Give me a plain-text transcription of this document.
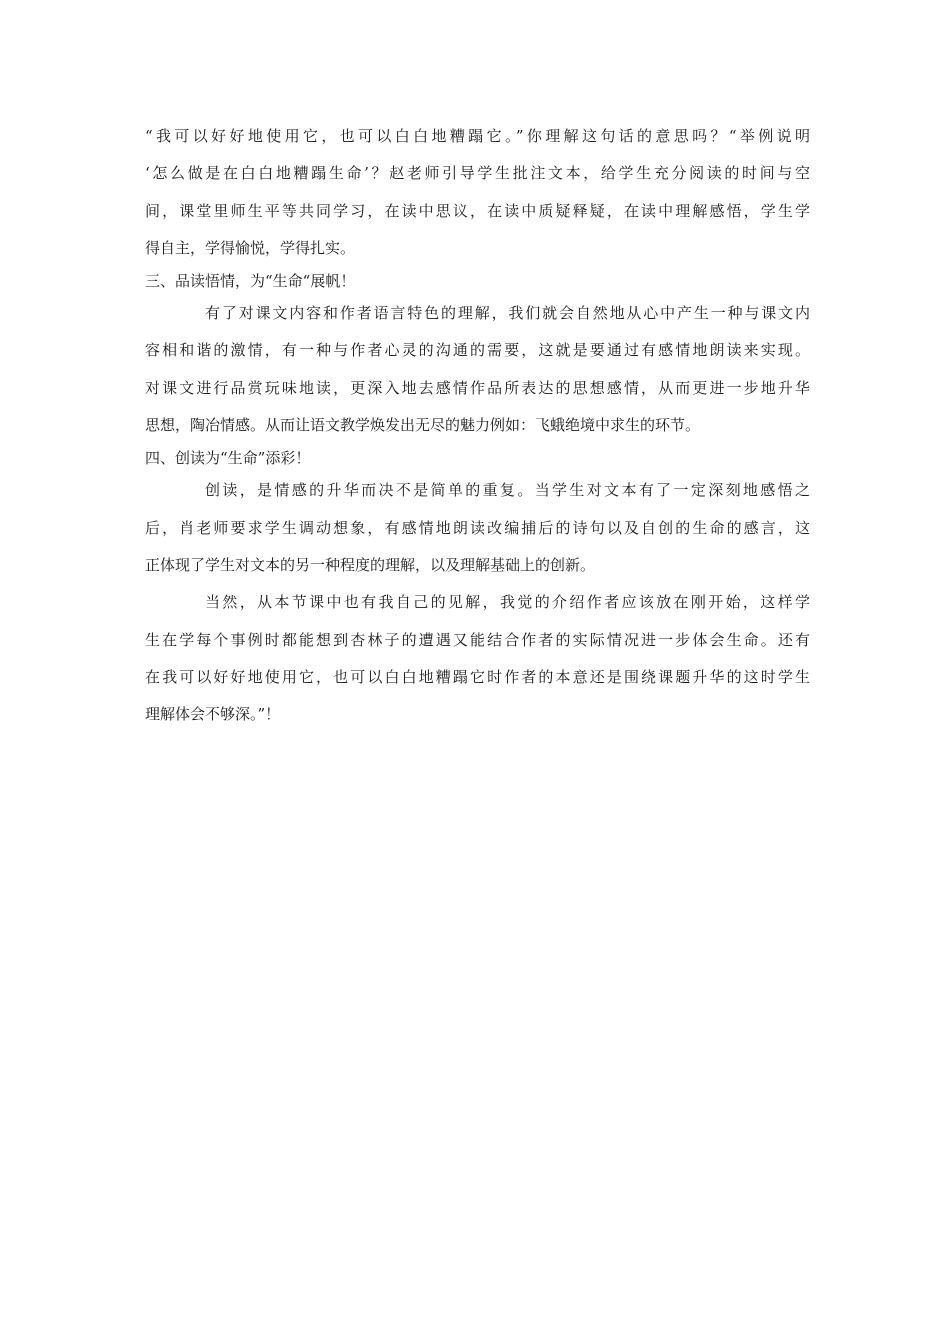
“我可以好好地使用它，也可以白白地糟蹋它。”你理解这句话的意思吗？“举例说明
‘怎么做是在白白地糟蹋生命’？赵老师引导学生批注文本，给学生充分阅读的时间与空
间，课堂里师生平等共同学习，在读中思议，在读中质疑释疑，在读中理解感悟，学生学
得自主，学得愉悦，学得扎实。
三、品读悟情，为“生命“展帆！
有了对课文内容和作者语言特色的理解，我们就会自然地从心中产生一种与课文内
容相和谐的激情，有一种与作者心灵的沟通的需要，这就是要通过有感情地朗读来实现。
对课文进行品赏玩味地读，更深入地去感情作品所表达的思想感情，从而更进一步地升华
思想，陶冶情感。从而让语文教学焕发出无尽的魅力例如：飞蛾绝境中求生的环节。
四、创读为“生命”添彩！
创读，是情感的升华而决不是简单的重复。当学生对文本有了一定深刻地感悟之
后，肖老师要求学生调动想象，有感情地朗读改编捕后的诗句以及自创的生命的感言，这
正体现了学生对文本的另一种程度的理解，以及理解基础上的创新。
当然，从本节课中也有我自己的见解，我觉的介绍作者应该放在刚开始，这样学
生在学每个事例时都能想到杏林子的遭遇又能结合作者的实际情况进一步体会生命。还有
在我可以好好地使用它，也可以白白地糟蹋它时作者的本意还是围绕课题升华的这时学生
理解体会不够深。”！
